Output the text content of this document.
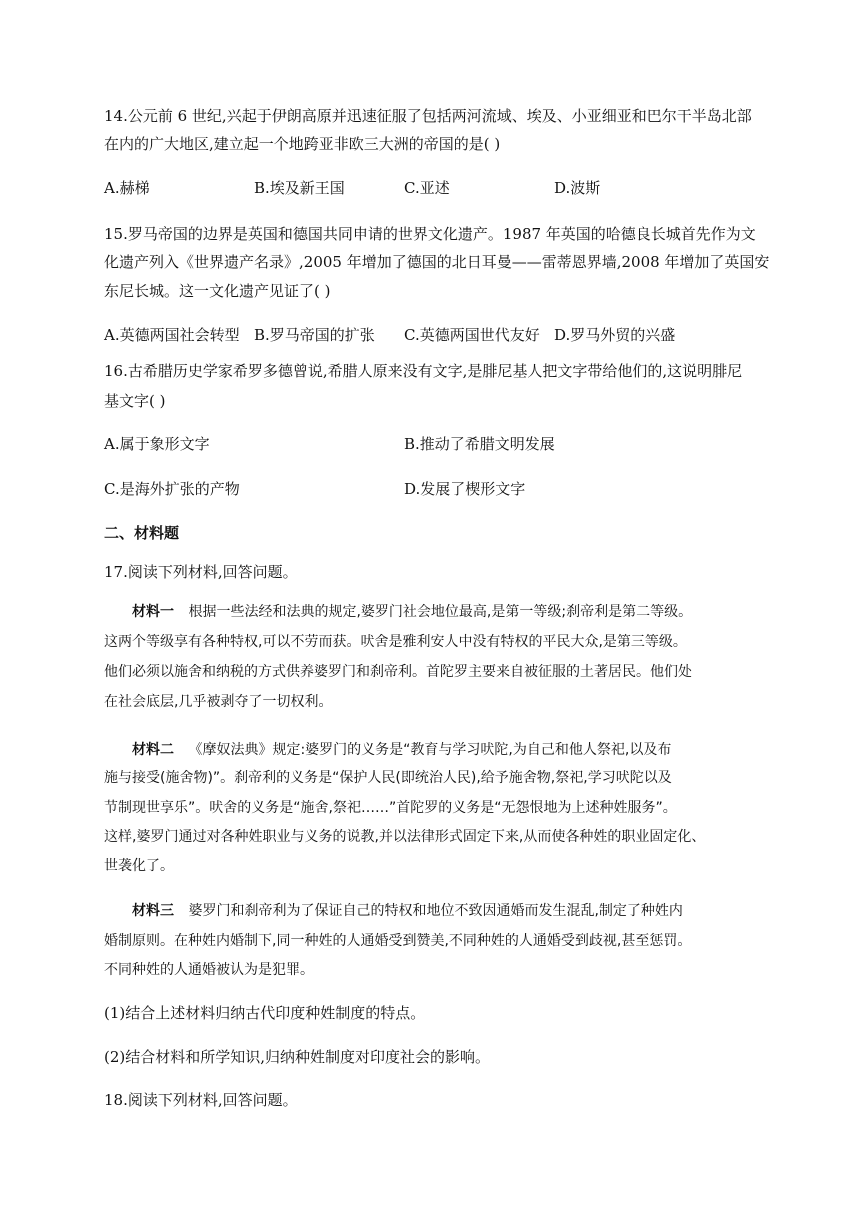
14.公元前 6 世纪,兴起于伊朗高原并迅速征服了包括两河流域、埃及、小亚细亚和巴尔干半岛北部
在内的广大地区,建立起一个地跨亚非欧三大洲的帝国的是( )
A.赫梯	B.埃及新王国	C.亚述	D.波斯
15.罗马帝国的边界是英国和德国共同申请的世界文化遗产。1987 年英国的哈德良长城首先作为文
化遗产列入《世界遗产名录》,2005 年增加了德国的北日耳曼——雷蒂恩界墙,2008 年增加了英国安
东尼长城。这一文化遗产见证了( )
A.英德两国社会转型 B.罗马帝国的扩张 C.英德两国世代友好 D.罗马外贸的兴盛
16.古希腊历史学家希罗多德曾说,希腊人原来没有文字,是腓尼基人把文字带给他们的,这说明腓尼
基文字( )
A.属于象形文字	B.推动了希腊文明发展
C.是海外扩张的产物	D.发展了楔形文字
二、材料题
17.阅读下列材料,回答问题。
材料一 根据一些法经和法典的规定,婆罗门社会地位最高,是第一等级;刹帝利是第二等级。
这两个等级享有各种特权,可以不劳而获。吠舍是雅利安人中没有特权的平民大众,是第三等级。
他们必须以施舍和纳税的方式供养婆罗门和刹帝利。首陀罗主要来自被征服的土著居民。他们处
在社会底层,几乎被剥夺了一切权利。
材料二 《摩奴法典》规定:婆罗门的义务是“教育与学习吠陀,为自己和他人祭祀,以及布
施与接受(施舍物)”。刹帝利的义务是“保护人民(即统治人民),给予施舍物,祭祀,学习吠陀以及
节制现世享乐”。吠舍的义务是“施舍,祭祀……”首陀罗的义务是“无怨恨地为上述种姓服务”。
这样,婆罗门通过对各种姓职业与义务的说教,并以法律形式固定下来,从而使各种姓的职业固定化、
世袭化了。
材料三 婆罗门和刹帝利为了保证自己的特权和地位不致因通婚而发生混乱,制定了种姓内
婚制原则。在种姓内婚制下,同一种姓的人通婚受到赞美,不同种姓的人通婚受到歧视,甚至惩罚。
不同种姓的人通婚被认为是犯罪。
(1)结合上述材料归纳古代印度种姓制度的特点。
(2)结合材料和所学知识,归纳种姓制度对印度社会的影响。
18.阅读下列材料,回答问题。
